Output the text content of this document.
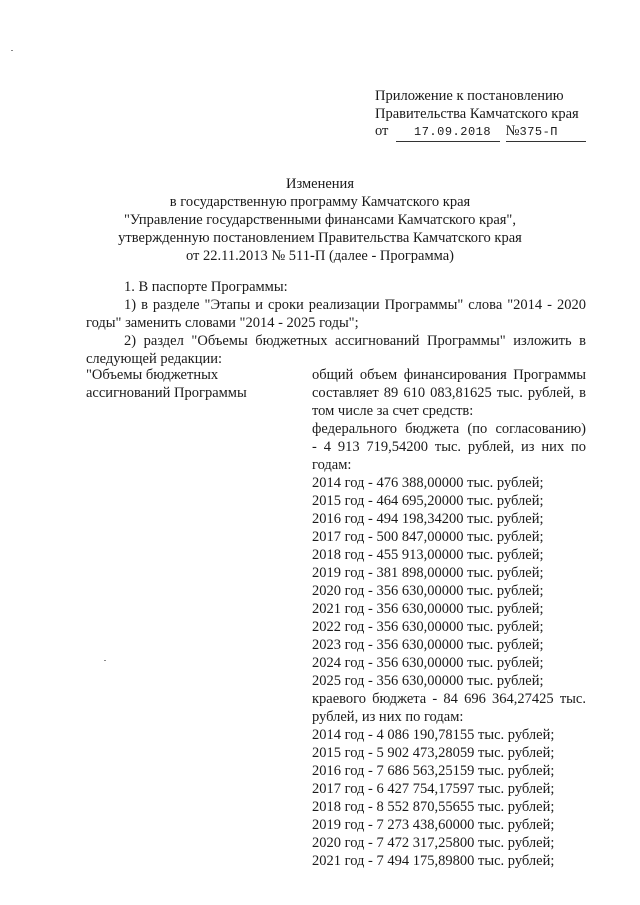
Приложение к постановлению
Правительства Камчатского края
от 17.09.2018 №375-П
Изменения
в государственную программу Камчатского края
"Управление государственными финансами Камчатского края",
утвержденную постановлением Правительства Камчатского края
от 22.11.2013 № 511-П (далее - Программа)
1. В паспорте Программы:
1) в разделе "Этапы и сроки реализации Программы" слова "2014 - 2020
годы" заменить словами "2014 - 2025 годы";
2) раздел "Объемы бюджетных ассигнований Программы" изложить в
следующей редакции:
"Объемы бюджетных
ассигнований Программы
общий объем финансирования Программы
составляет 89 610 083,81625 тыс. рублей, в
том числе за счет средств:
федерального бюджета (по согласованию)
- 4 913 719,54200 тыс. рублей, из них по
годам:
2014 год - 476 388,00000 тыс. рублей;
2015 год - 464 695,20000 тыс. рублей;
2016 год - 494 198,34200 тыс. рублей;
2017 год - 500 847,00000 тыс. рублей;
2018 год - 455 913,00000 тыс. рублей;
2019 год - 381 898,00000 тыс. рублей;
2020 год - 356 630,00000 тыс. рублей;
2021 год - 356 630,00000 тыс. рублей;
2022 год - 356 630,00000 тыс. рублей;
2023 год - 356 630,00000 тыс. рублей;
2024 год - 356 630,00000 тыс. рублей;
2025 год - 356 630,00000 тыс. рублей;
краевого бюджета - 84 696 364,27425 тыс.
рублей, из них по годам:
2014 год - 4 086 190,78155 тыс. рублей;
2015 год - 5 902 473,28059 тыс. рублей;
2016 год - 7 686 563,25159 тыс. рублей;
2017 год - 6 427 754,17597 тыс. рублей;
2018 год - 8 552 870,55655 тыс. рублей;
2019 год - 7 273 438,60000 тыс. рублей;
2020 год - 7 472 317,25800 тыс. рублей;
2021 год - 7 494 175,89800 тыс. рублей;
